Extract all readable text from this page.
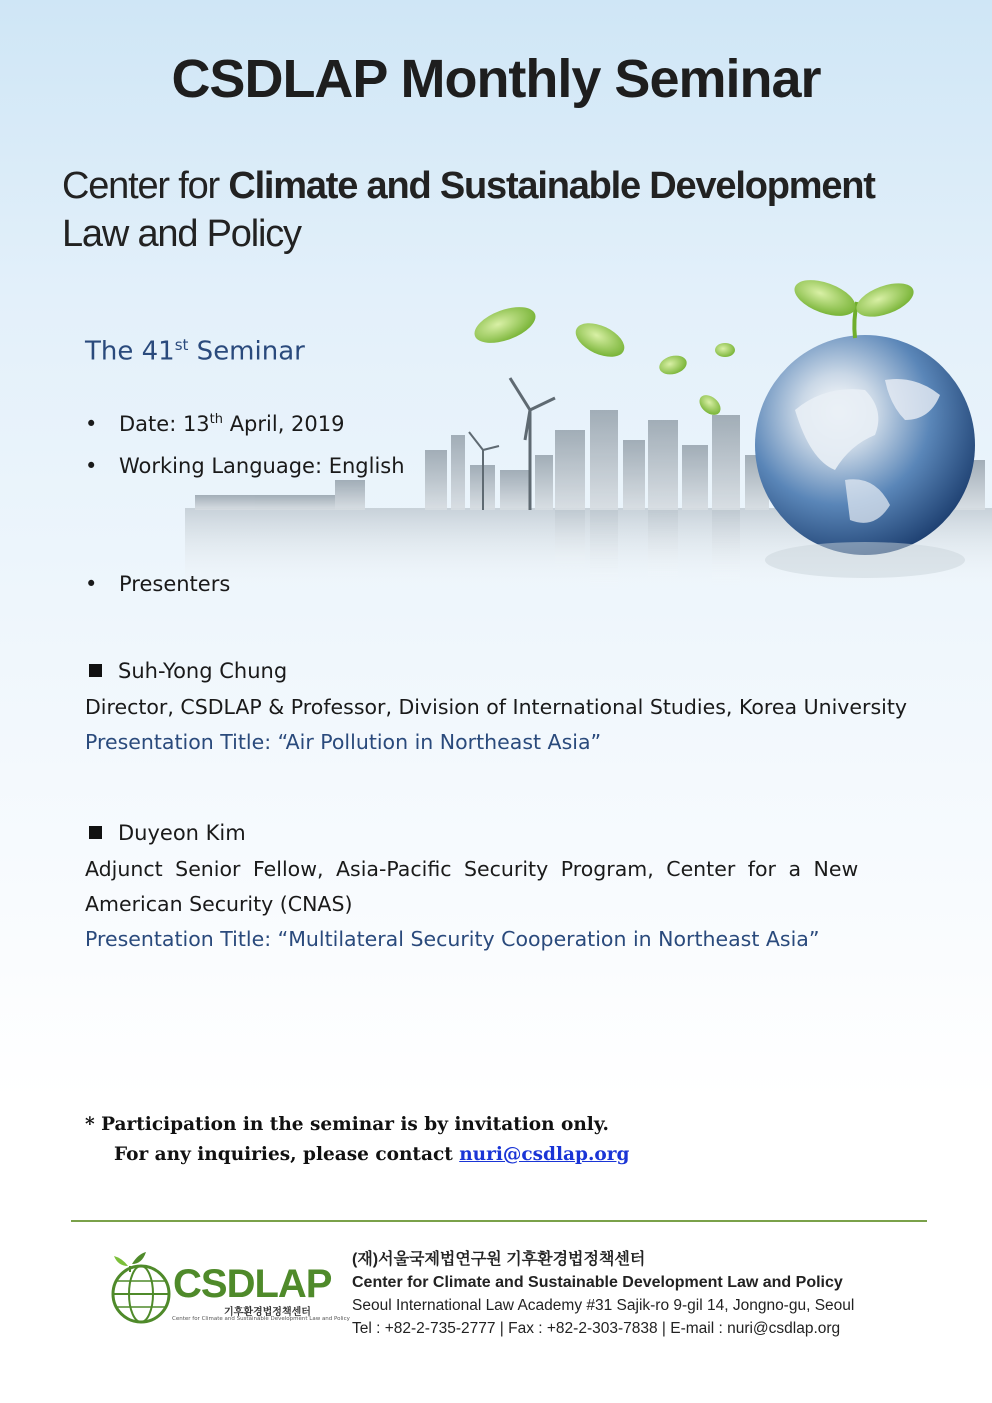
CSDLAP Monthly Seminar
Center for Climate and Sustainable Development
Law and Policy
The 41st Seminar
• Date: 13th April, 2019
• Working Language: English
• Presenters
Suh-Yong Chung
Director, CSDLAP & Professor, Division of International Studies, Korea University
Presentation Title: “Air Pollution in Northeast Asia”
Duyeon Kim
Adjunct Senior Fellow, Asia-Pacific Security Program, Center for a New
American Security (CNAS)
Presentation Title: “Multilateral Security Cooperation in Northeast Asia”
* Participation in the seminar is by invitation only.
For any inquiries, please contact nuri@csdlap.org
CSDLAP
기후환경법정책센터
Center for Climate and Sustainable Development Law and Policy
(재)서울국제법연구원 기후환경법정책센터
Center for Climate and Sustainable Development Law and Policy
Seoul International Law Academy #31 Sajik-ro 9-gil 14, Jongno-gu, Seoul
Tel : +82-2-735-2777 | Fax : +82-2-303-7838 | E-mail : nuri@csdlap.org
